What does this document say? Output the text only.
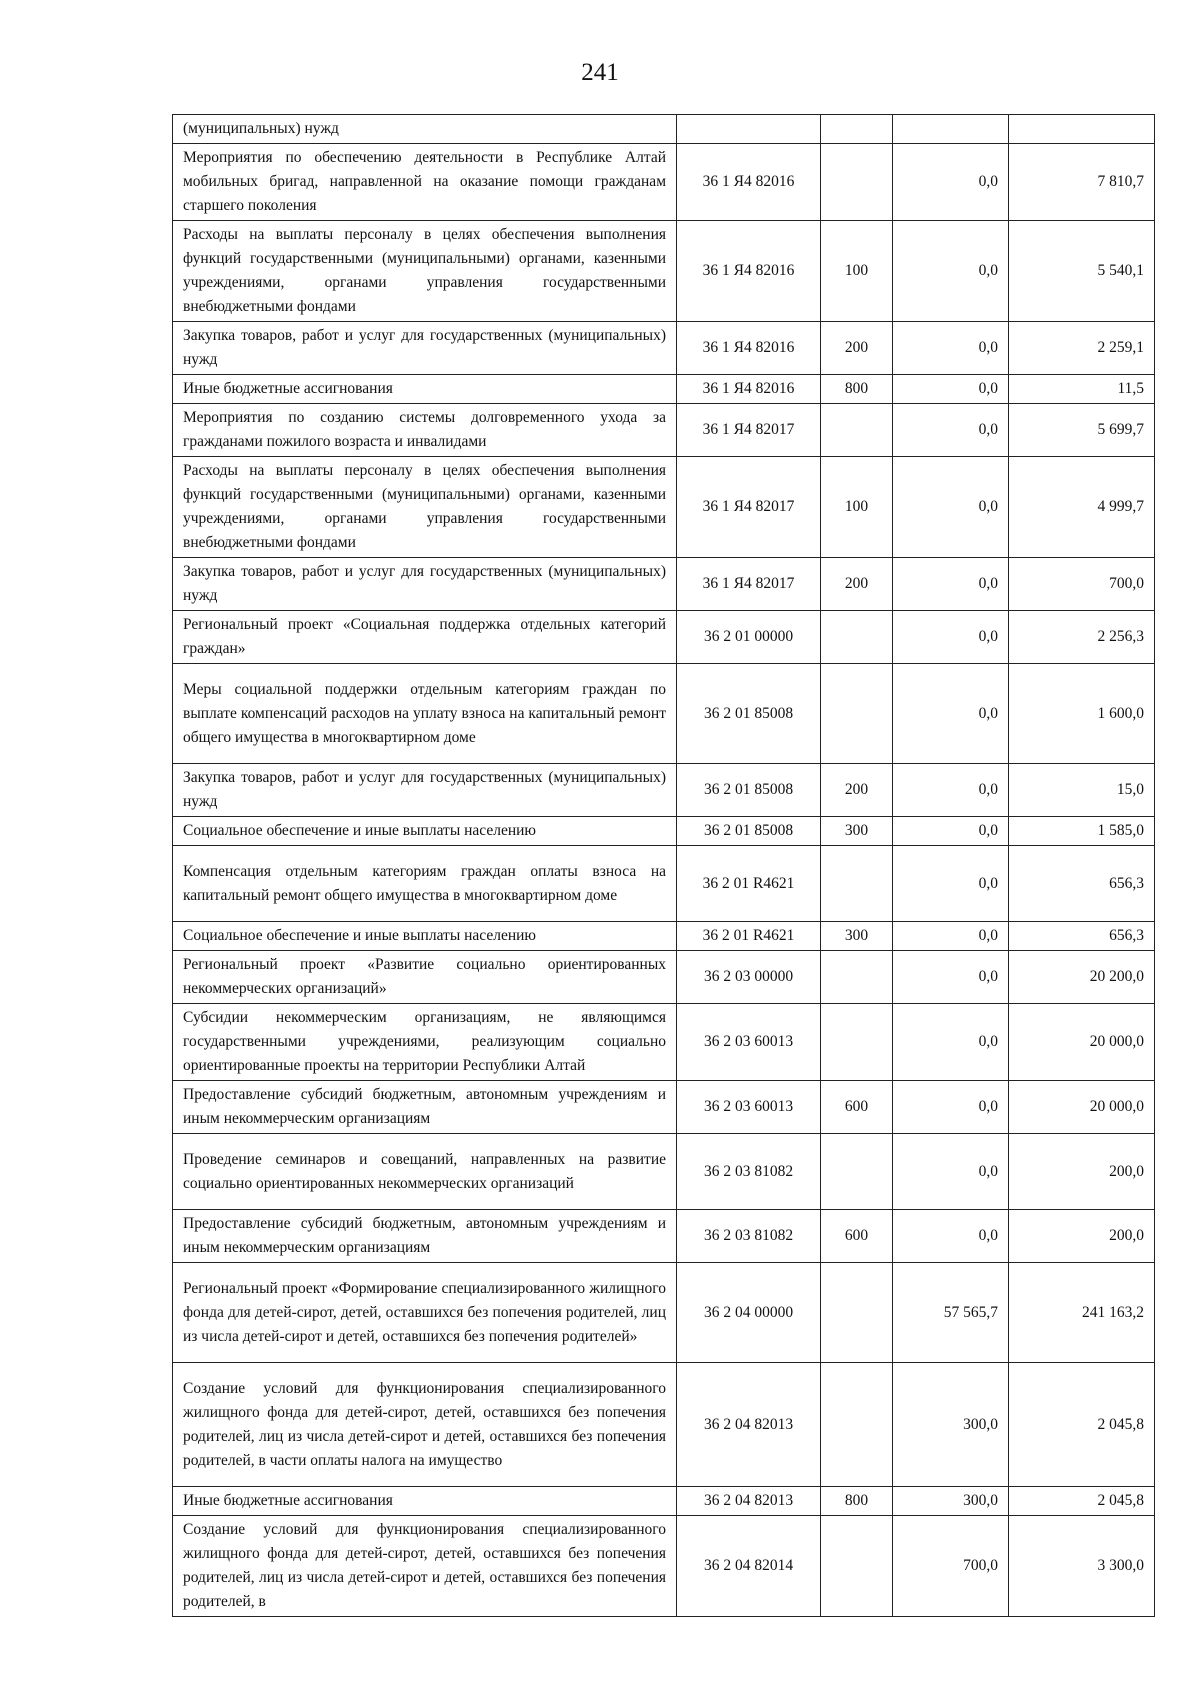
241
(муниципальных) нужд				
Мероприятия по обеспечению деятельности в Республике Алтай мобильных бригад, направленной на оказание помощи гражданам старшего поколения	36 1 Я4 82016		0,0	7 810,7
Расходы на выплаты персоналу в целях обеспечения выполнения функций государственными (муниципальными) органами, казенными учреждениями, органами управления государственными внебюджетными фондами	36 1 Я4 82016	100	0,0	5 540,1
Закупка товаров, работ и услуг для государственных (муниципальных) нужд	36 1 Я4 82016	200	0,0	2 259,1
Иные бюджетные ассигнования	36 1 Я4 82016	800	0,0	11,5
Мероприятия по созданию системы долговременного ухода за гражданами пожилого возраста и инвалидами	36 1 Я4 82017		0,0	5 699,7
Расходы на выплаты персоналу в целях обеспечения выполнения функций государственными (муниципальными) органами, казенными учреждениями, органами управления государственными внебюджетными фондами	36 1 Я4 82017	100	0,0	4 999,7
Закупка товаров, работ и услуг для государственных (муниципальных) нужд	36 1 Я4 82017	200	0,0	700,0
Региональный проект «Социальная поддержка отдельных категорий граждан»	36 2 01 00000		0,0	2 256,3
Меры социальной поддержки отдельным категориям граждан по выплате компенсаций расходов на уплату взноса на капитальный ремонт общего имущества в многоквартирном доме	36 2 01 85008		0,0	1 600,0
Закупка товаров, работ и услуг для государственных (муниципальных) нужд	36 2 01 85008	200	0,0	15,0
Социальное обеспечение и иные выплаты населению	36 2 01 85008	300	0,0	1 585,0
Компенсация отдельным категориям граждан оплаты взноса на капитальный ремонт общего имущества в многоквартирном доме	36 2 01 R4621		0,0	656,3
Социальное обеспечение и иные выплаты населению	36 2 01 R4621	300	0,0	656,3
Региональный проект «Развитие социально ориентированных некоммерческих организаций»	36 2 03 00000		0,0	20 200,0
Субсидии некоммерческим организациям, не являющимся государственными учреждениями, реализующим социально ориентированные проекты на территории Республики Алтай	36 2 03 60013		0,0	20 000,0
Предоставление субсидий бюджетным, автономным учреждениям и иным некоммерческим организациям	36 2 03 60013	600	0,0	20 000,0
Проведение семинаров и совещаний, направленных на развитие социально ориентированных некоммерческих организаций	36 2 03 81082		0,0	200,0
Предоставление субсидий бюджетным, автономным учреждениям и иным некоммерческим организациям	36 2 03 81082	600	0,0	200,0
Региональный проект «Формирование специализированного жилищного фонда для детей-сирот, детей, оставшихся без попечения родителей, лиц из числа детей-сирот и детей, оставшихся без попечения родителей»	36 2 04 00000		57 565,7	241 163,2
Создание условий для функционирования специализированного жилищного фонда для детей-сирот, детей, оставшихся без попечения родителей, лиц из числа детей-сирот и детей, оставшихся без попечения родителей, в части оплаты налога на имущество	36 2 04 82013		300,0	2 045,8
Иные бюджетные ассигнования	36 2 04 82013	800	300,0	2 045,8
Создание условий для функционирования специализированного жилищного фонда для детей-сирот, детей, оставшихся без попечения родителей, лиц из числа детей-сирот и детей, оставшихся без попечения родителей, в	36 2 04 82014		700,0	3 300,0
